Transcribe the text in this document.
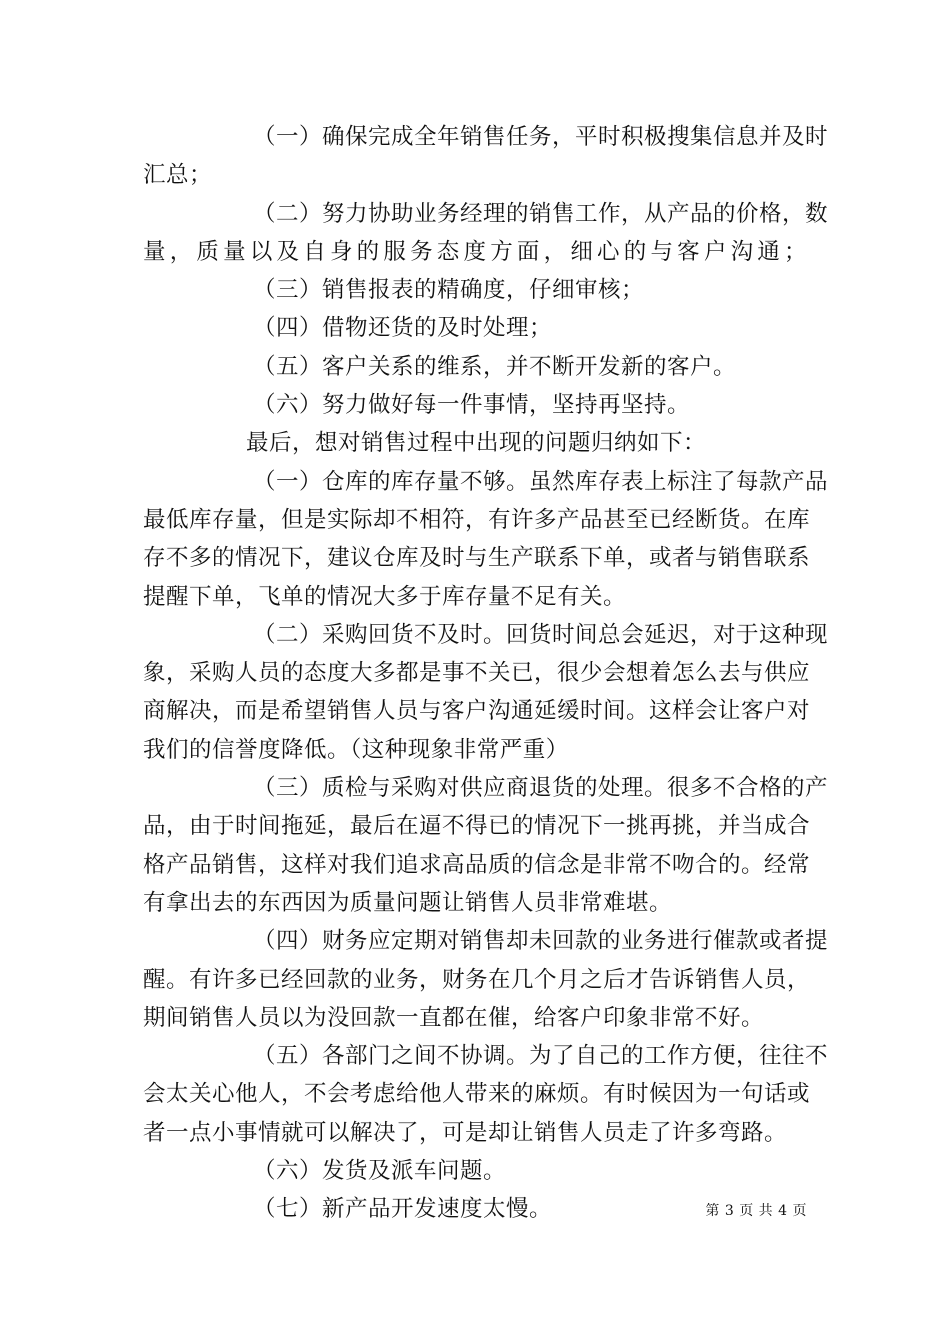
（一）确保完成全年销售任务，平时积极搜集信息并及时
汇总；
（二）努力协助业务经理的销售工作，从产品的价格，数
量，质量以及自身的服务态度方面，细心的与客户沟通；
（三）销售报表的精确度，仔细审核；
（四）借物还货的及时处理；
（五）客户关系的维系，并不断开发新的客户。
（六）努力做好每一件事情，坚持再坚持。
最后，想对销售过程中出现的问题归纳如下：
（一）仓库的库存量不够。虽然库存表上标注了每款产品
最低库存量，但是实际却不相符，有许多产品甚至已经断货。在库
存不多的情况下，建议仓库及时与生产联系下单，或者与销售联系
提醒下单，飞单的情况大多于库存量不足有关。
（二）采购回货不及时。回货时间总会延迟，对于这种现
象，采购人员的态度大多都是事不关已，很少会想着怎么去与供应
商解决，而是希望销售人员与客户沟通延缓时间。这样会让客户对
我们的信誉度降低。（这种现象非常严重）
（三）质检与采购对供应商退货的处理。很多不合格的产
品，由于时间拖延，最后在逼不得已的情况下一挑再挑，并当成合
格产品销售，这样对我们追求高品质的信念是非常不吻合的。经常
有拿出去的东西因为质量问题让销售人员非常难堪。
（四）财务应定期对销售却未回款的业务进行催款或者提
醒。有许多已经回款的业务，财务在几个月之后才告诉销售人员，
期间销售人员以为没回款一直都在催，给客户印象非常不好。
（五）各部门之间不协调。为了自己的工作方便，往往不
会太关心他人，不会考虑给他人带来的麻烦。有时候因为一句话或
者一点小事情就可以解决了，可是却让销售人员走了许多弯路。
（六）发货及派车问题。
（七）新产品开发速度太慢。	第 3 页 共 4 页
